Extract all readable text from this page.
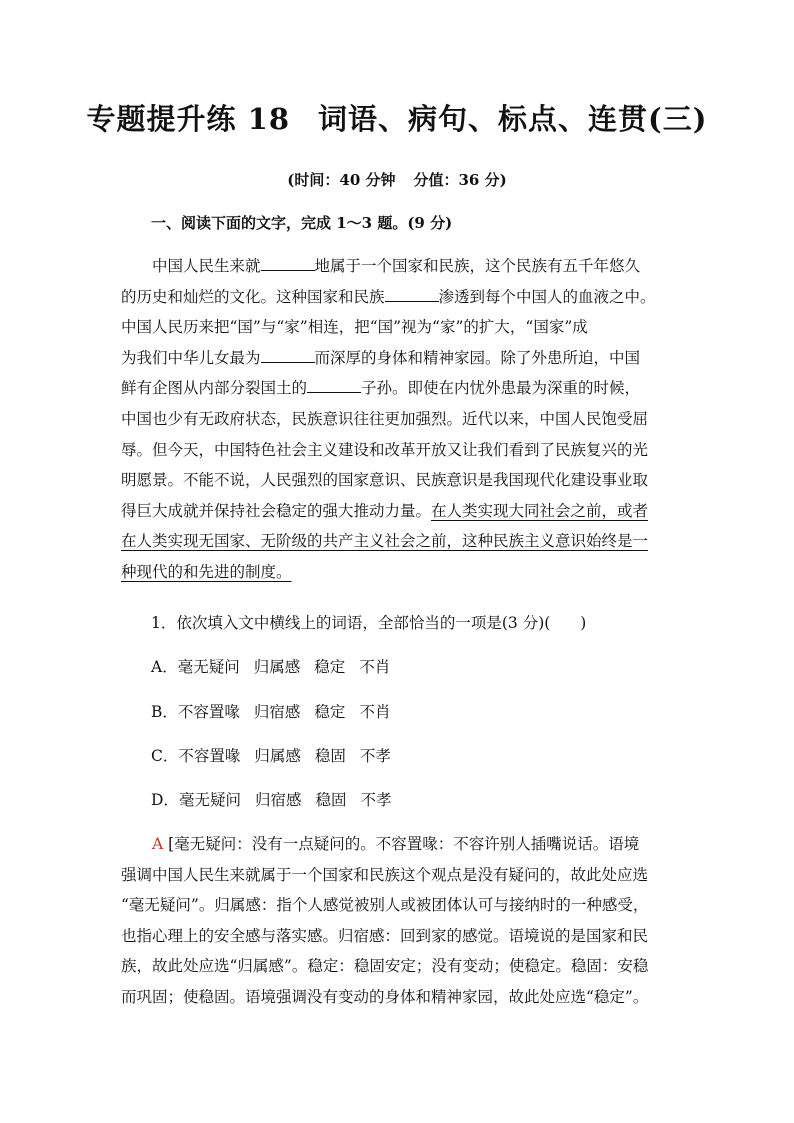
专题提升练 18 词语、病句、标点、连贯(三)
(时间：40 分钟 分值：36 分)
一、阅读下面的文字，完成 1～3 题。(9 分)
中国人民生来就	地属于一个国家和民族，这个民族有五千年悠久
的历史和灿烂的文化。这种国家和民族	渗透到每个中国人的血液之中。
中国人民历来把“国”与“家”相连，把“国”视为“家”的扩大，“国家”成
为我们中华儿女最为	而深厚的身体和精神家园。除了外患所迫，中国
鲜有企图从内部分裂国土的	子孙。即使在内忧外患最为深重的时候，
中国也少有无政府状态，民族意识往往更加强烈。近代以来，中国人民饱受屈
辱。但今天，中国特色社会主义建设和改革开放又让我们看到了民族复兴的光
明愿景。不能不说，人民强烈的国家意识、民族意识是我国现代化建设事业取
得巨大成就并保持社会稳定的强大推动力量。在人类实现大同社会之前，或者
在人类实现无国家、无阶级的共产主义社会之前，这种民族主义意识始终是一
种现代的和先进的制度。
1．依次填入文中横线上的词语，全部恰当的一项是(3 分)( )
A．毫无疑问 归属感 稳定 不肖
B．不容置喙 归宿感 稳定 不肖
C．不容置喙 归属感 稳固 不孝
D．毫无疑问 归宿感 稳固 不孝
A [毫无疑问：没有一点疑问的。不容置喙：不容许别人插嘴说话。语境
强调中国人民生来就属于一个国家和民族这个观点是没有疑问的，故此处应选
“毫无疑问”。归属感：指个人感觉被别人或被团体认可与接纳时的一种感受，
也指心理上的安全感与落实感。归宿感：回到家的感觉。语境说的是国家和民
族，故此处应选“归属感”。稳定：稳固安定；没有变动；使稳定。稳固：安稳
而巩固；使稳固。语境强调没有变动的身体和精神家园，故此处应选“稳定”。
